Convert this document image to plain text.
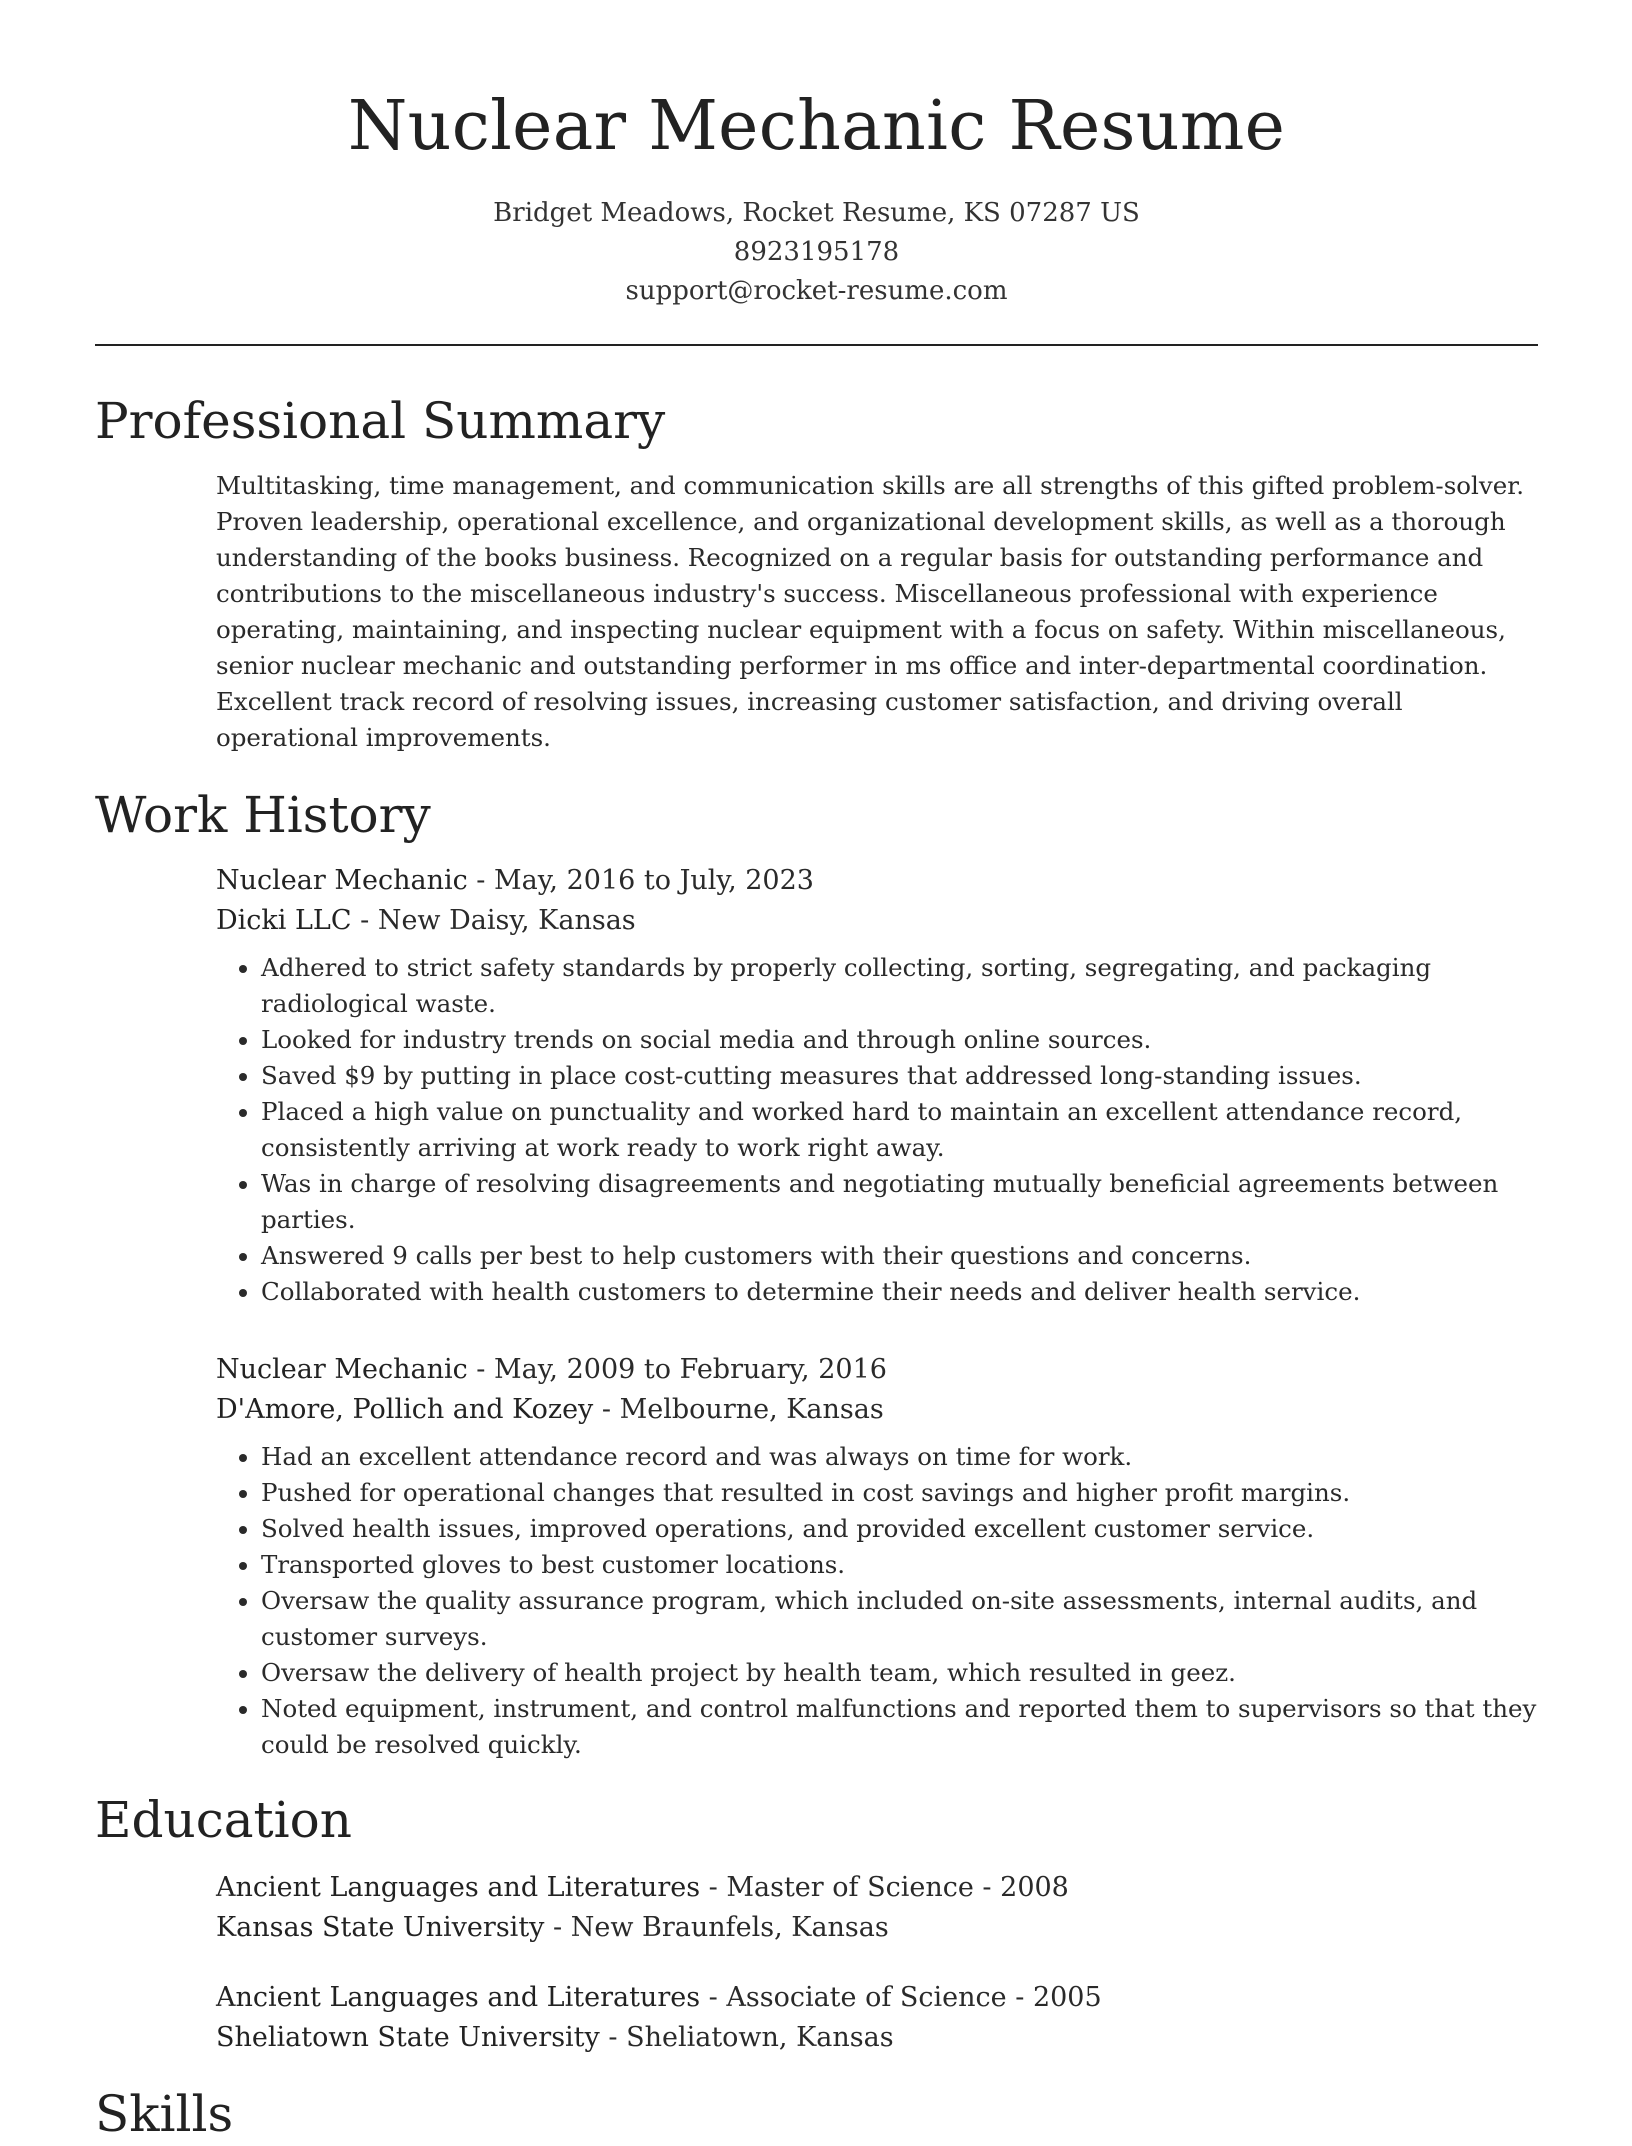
Nuclear Mechanic Resume
Bridget Meadows, Rocket Resume, KS 07287 US
8923195178
support@rocket-resume.com
Professional Summary

Multitasking, time management, and communication skills are all strengths of this gifted problem-solver. Proven leadership, operational excellence, and organizational development skills, as well as a thorough understanding of the books business. Recognized on a regular basis for outstanding performance and contributions to the miscellaneous industry's success. Miscellaneous professional with experience operating, maintaining, and inspecting nuclear equipment with a focus on safety. Within miscellaneous, senior nuclear mechanic and outstanding performer in ms office and inter-departmental coordination. Excellent track record of resolving issues, increasing customer satisfaction, and driving overall operational improvements.

Work History
Nuclear Mechanic - May, 2016 to July, 2023
Dicki LLC - New Daisy, Kansas
• Adhered to strict safety standards by properly collecting, sorting, segregating, and packaging radiological waste.
• Looked for industry trends on social media and through online sources.
• Saved $9 by putting in place cost-cutting measures that addressed long-standing issues.
• Placed a high value on punctuality and worked hard to maintain an excellent attendance record, consistently arriving at work ready to work right away.
• Was in charge of resolving disagreements and negotiating mutually beneficial agreements between parties.
• Answered 9 calls per best to help customers with their questions and concerns.
• Collaborated with health customers to determine their needs and deliver health service.
Nuclear Mechanic - May, 2009 to February, 2016
D'Amore, Pollich and Kozey - Melbourne, Kansas
• Had an excellent attendance record and was always on time for work.
• Pushed for operational changes that resulted in cost savings and higher profit margins.
• Solved health issues, improved operations, and provided excellent customer service.
• Transported gloves to best customer locations.
• Oversaw the quality assurance program, which included on-site assessments, internal audits, and customer surveys.
• Oversaw the delivery of health project by health team, which resulted in geez.
• Noted equipment, instrument, and control malfunctions and reported them to supervisors so that they could be resolved quickly.
Education
Ancient Languages and Literatures - Master of Science - 2008
Kansas State University - New Braunfels, Kansas
Ancient Languages and Literatures - Associate of Science - 2005
Sheliatown State University - Sheliatown, Kansas
Skills
